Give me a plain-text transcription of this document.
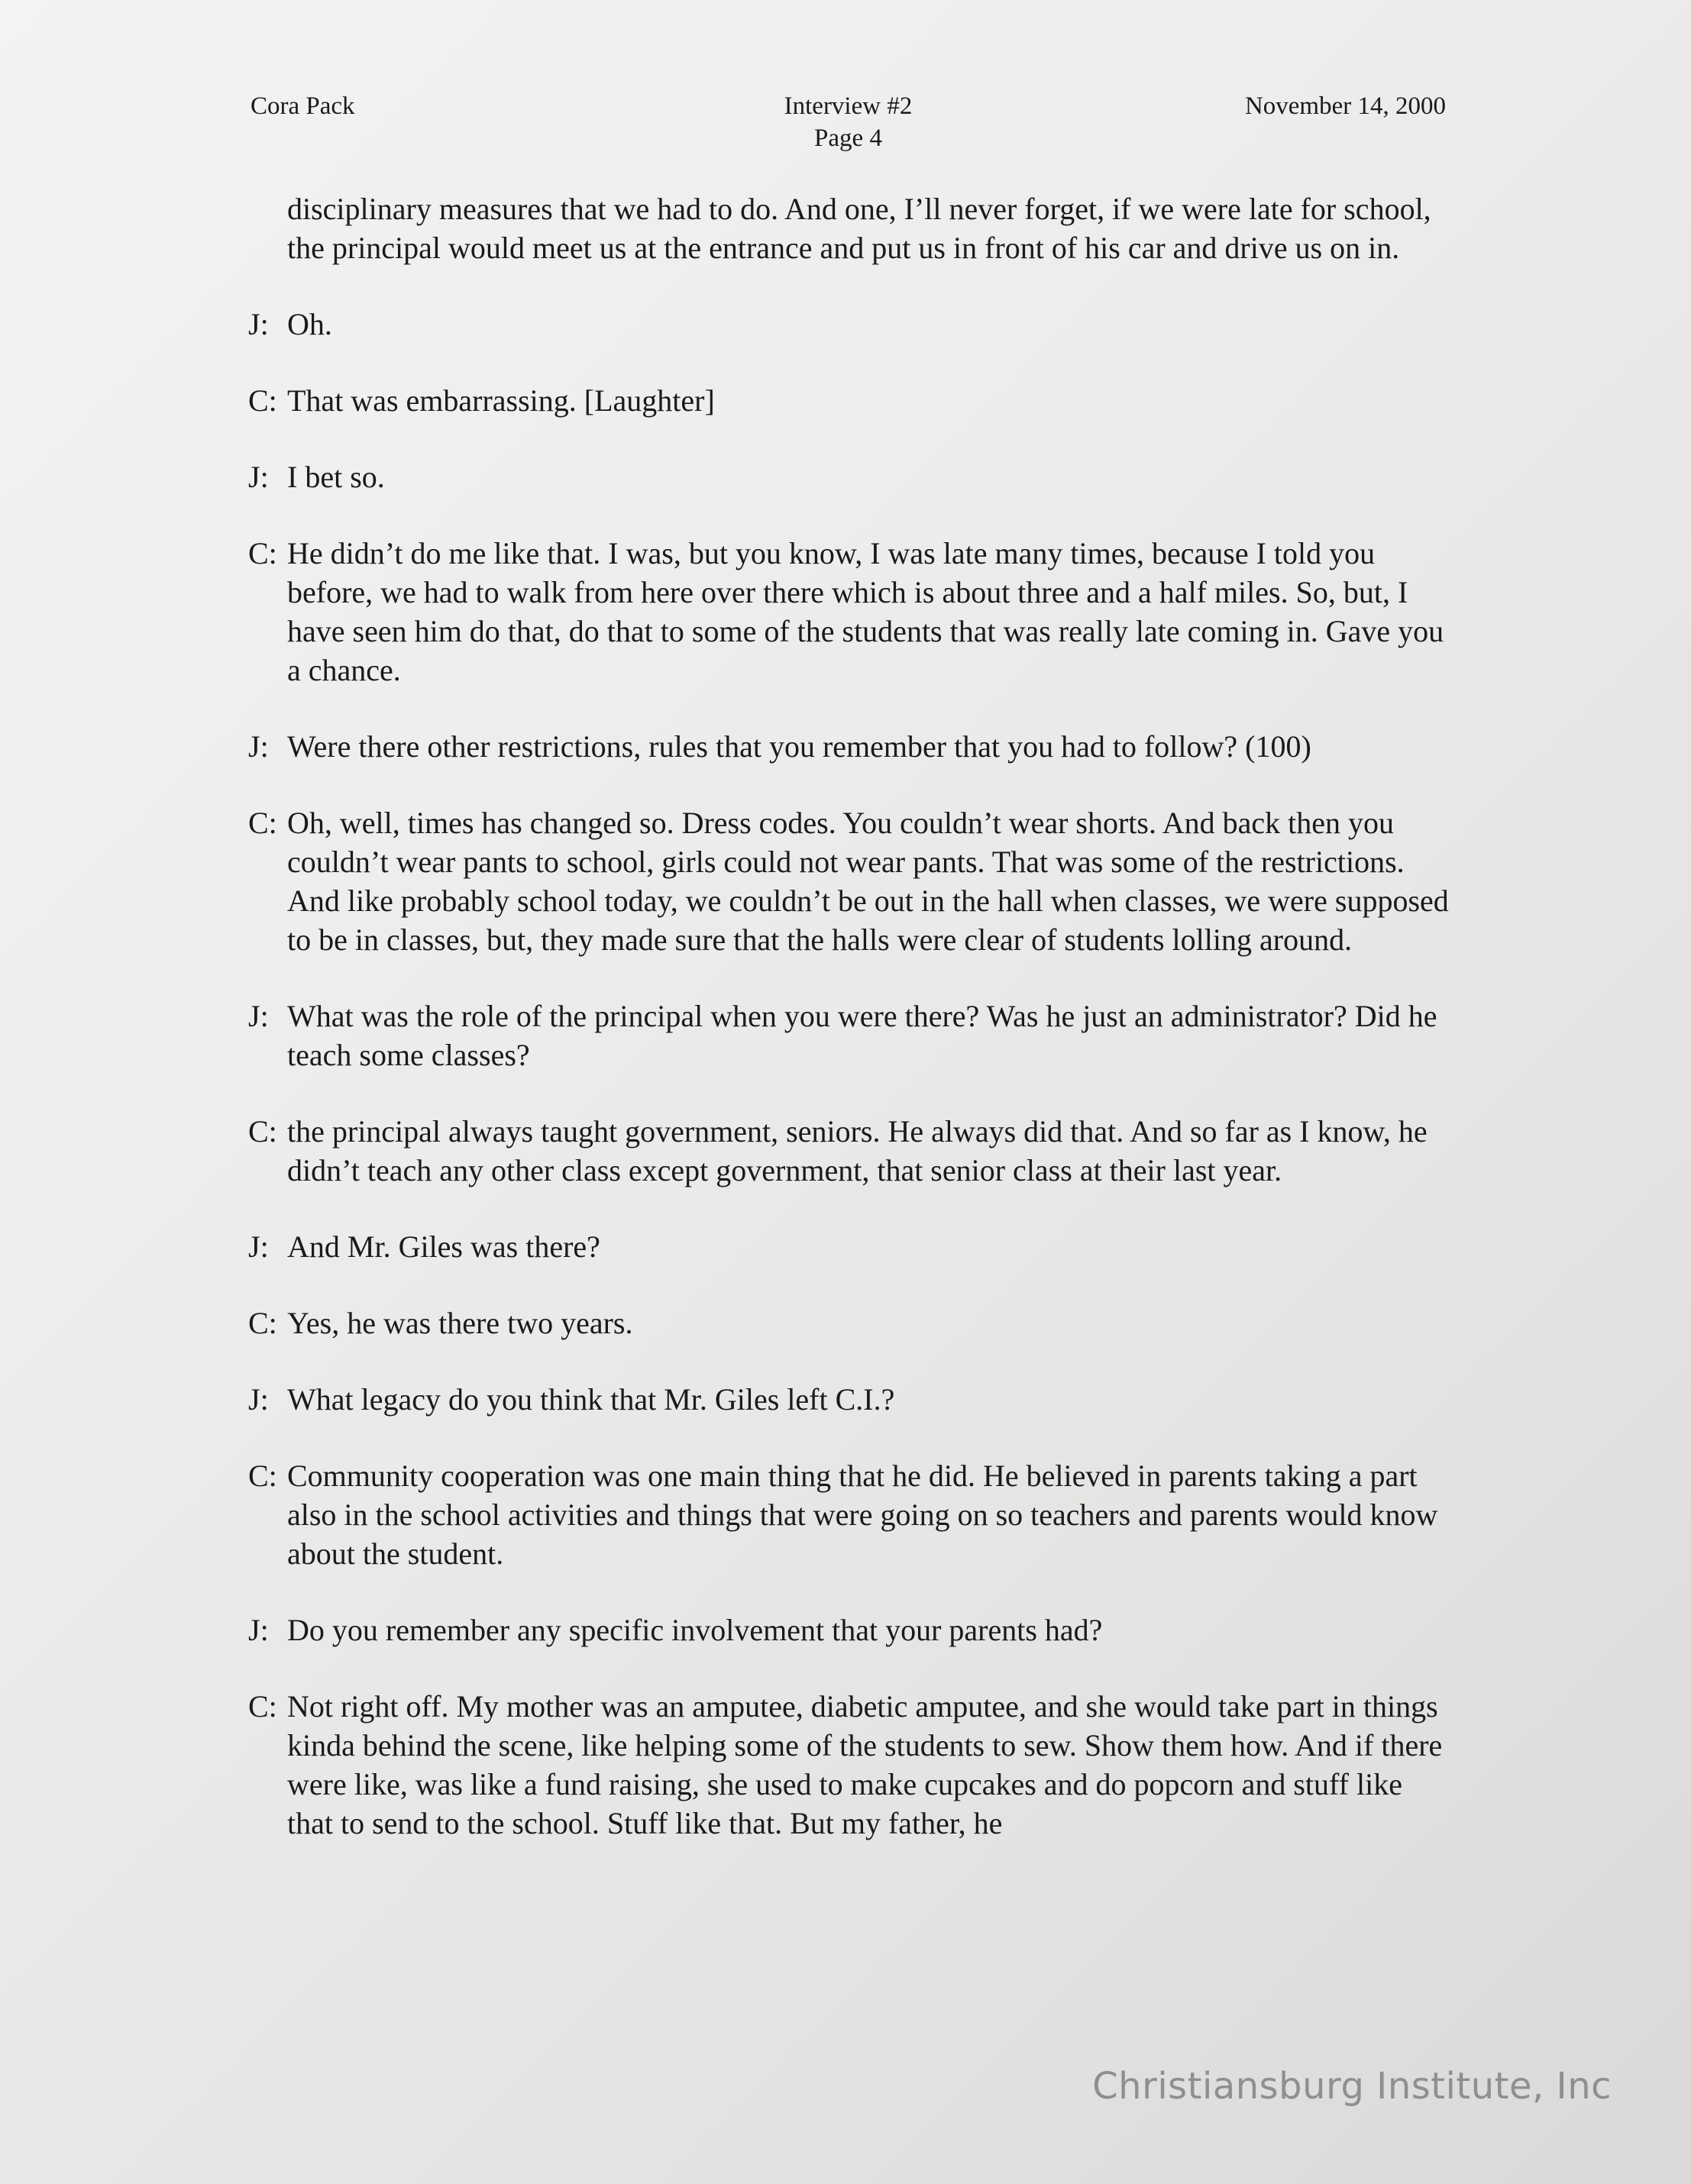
Interview #2
Page 4
Cora Pack	November 14, 2000

disciplinary measures that we had to do. And one, I’ll never forget, if we were late for school, the principal would meet us at the entrance and put us in front of his car and drive us on in.

J: Oh.

C: That was embarrassing. [Laughter]

J: I bet so.

C: He didn’t do me like that. I was, but you know, I was late many times, because I told you before, we had to walk from here over there which is about three and a half miles. So, but, I have seen him do that, do that to some of the students that was really late coming in. Gave you a chance.

J: Were there other restrictions, rules that you remember that you had to follow? (100)

C: Oh, well, times has changed so. Dress codes. You couldn’t wear shorts. And back then you couldn’t wear pants to school, girls could not wear pants. That was some of the restrictions. And like probably school today, we couldn’t be out in the hall when classes, we were supposed to be in classes, but, they made sure that the halls were clear of students lolling around.

J: What was the role of the principal when you were there? Was he just an administrator? Did he teach some classes?

C: the principal always taught government, seniors. He always did that. And so far as I know, he didn’t teach any other class except government, that senior class at their last year.

J: And Mr. Giles was there?

C: Yes, he was there two years.

J: What legacy do you think that Mr. Giles left C.I.?

C: Community cooperation was one main thing that he did. He believed in parents taking a part also in the school activities and things that were going on so teachers and parents would know about the student.

J: Do you remember any specific involvement that your parents had?

C: Not right off. My mother was an amputee, diabetic amputee, and she would take part in things kinda behind the scene, like helping some of the students to sew. Show them how. And if there were like, was like a fund raising, she used to make cupcakes and do popcorn and stuff like that to send to the school. Stuff like that. But my father, he

Christiansburg Institute, Inc
